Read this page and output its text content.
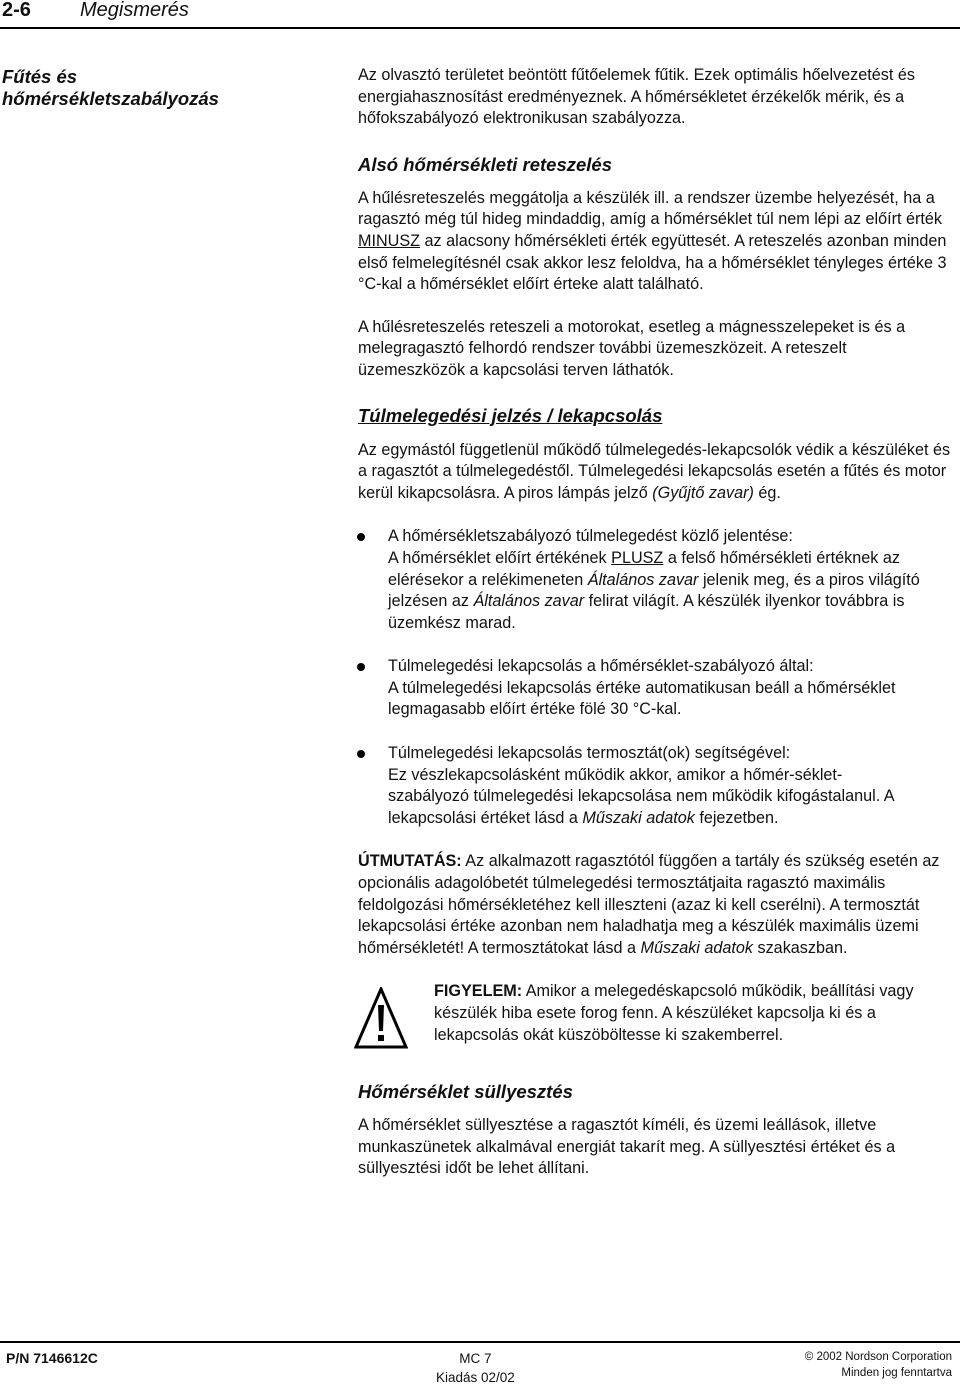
2-6 Megismerés
Fűtés és
hőmérsékletszabályozás

Az olvasztó területet beöntött fűtőelemek fűtik. Ezek optimális hőelvezetést és energiahasznosítást eredményeznek. A hőmérsékletet érzékelők mérik, és a hőfokszabályozó elektronikusan szabályozza.

Alsó hőmérsékleti reteszelés

A hűlésreteszelés meggátolja a készülék ill. a rendszer üzembe helyezését, ha a ragasztó még túl hideg mindaddig, amíg a hőmérséklet túl nem lépi az előírt érték MINUSZ az alacsony hőmérsékleti érték együttesét. A reteszelés azonban minden első felmelegítésnél csak akkor lesz feloldva, ha a hőmérséklet tényleges értéke 3 °C-kal a hőmérséklet előírt érteke alatt található.

A hűlésreteszelés reteszeli a motorokat, esetleg a mágnesszelepeket is és a melegragasztó felhordó rendszer további üzemeszközeit. A reteszelt üzemeszközök a kapcsolási terven láthatók.

Túlmelegedési jelzés / lekapcsolás

Az egymástól függetlenül működő túlmelegedés-lekapcsolók védik a készüléket és a ragasztót a túlmelegedéstől. Túlmelegedési lekapcsolás esetén a fűtés és motor kerül kikapcsolásra. A piros lámpás jelző (Gyűjtő zavar) ég.

A hőmérsékletszabályozó túlmelegedést közlő jelentése:
A hőmérséklet előírt értékének PLUSZ a felső hőmérsékleti értéknek az elérésekor a relékimeneten Általános zavar jelenik meg, és a piros világító jelzésen az Általános zavar felirat világít. A készülék ilyenkor továbbra is üzemkész marad.
Túlmelegedési lekapcsolás a hőmérséklet-szabályozó által:
A túlmelegedési lekapcsolás értéke automatikusan beáll a hőmérséklet legmagasabb előírt értéke fölé 30 °C-kal.
Túlmelegedési lekapcsolás termosztát(ok) segítségével:
Ez vészlekapcsolásként működik akkor, amikor a hőmér-séklet-szabályozó túlmelegedési lekapcsolása nem működik kifogástalanul. A lekapcsolási értéket lásd a Műszaki adatok fejezetben.

ÚTMUTATÁS: Az alkalmazott ragasztótól függően a tartály és szükség esetén az opcionális adagolóbetét túlmelegedési termosztátjaita ragasztó maximális feldolgozási hőmérsékletéhez kell illeszteni (azaz ki kell cserélni). A termosztát lekapcsolási értéke azonban nem haladhatja meg a készülék maximális üzemi hőmérsékletét! A termosztátokat lásd a Műszaki adatok szakaszban.

FIGYELEM: Amikor a melegedéskapcsoló működik, beállítási vagy készülék hiba esete forog fenn. A készüléket kapcsolja ki és a lekapcsolás okát küszöböltesse ki szakemberrel.

Hőmérséklet süllyesztés

A hőmérséklet süllyesztése a ragasztót kíméli, és üzemi leállások, illetve munkaszünetek alkalmával energiát takarít meg. A süllyesztési értéket és a süllyesztési időt be lehet állítani.

P/N 7146612C	MC 7
Kiadás 02/02
© 2002 Nordson Corporation
Minden jog fenntartva
